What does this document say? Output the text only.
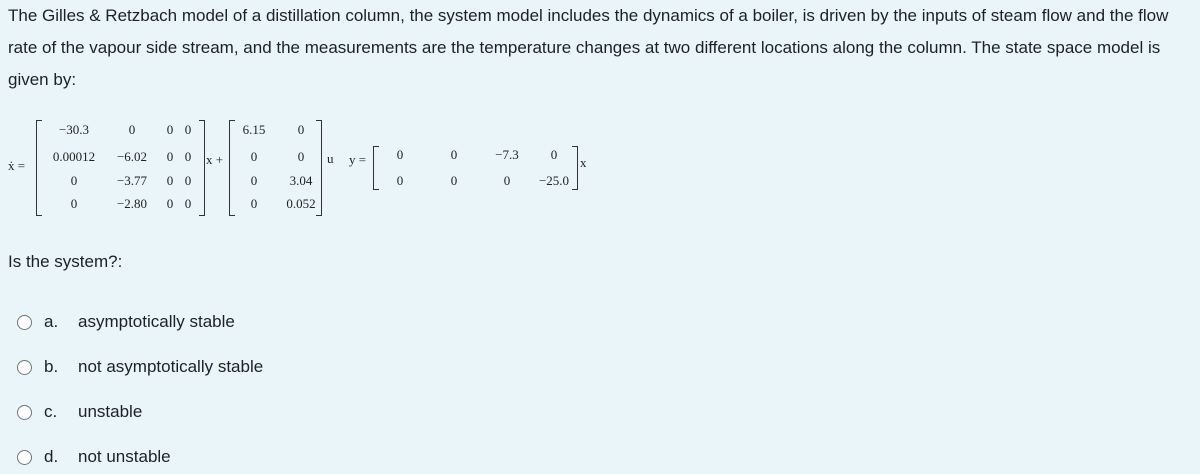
The Gilles & Retzbach model of a distillation column, the system model includes the dynamics of a boiler, is driven by the inputs of steam flow and the flow rate of the vapour side stream, and the measurements are the temperature changes at two different locations along the column. The state space model is given by:
ẋ =	x +	u y =	x
−30.3	0 0 0
0.00012 −6.02 0 0
0	−3.77 0 0
0	−2.80 0 0
6.15 0
0	0
0 3.04
0 0.052
0	0	−7.3 0
0	0	0 −25.0
Is the system?:
a.	asymptotically stable
b.	not asymptotically stable
c.	unstable
d.	not unstable
